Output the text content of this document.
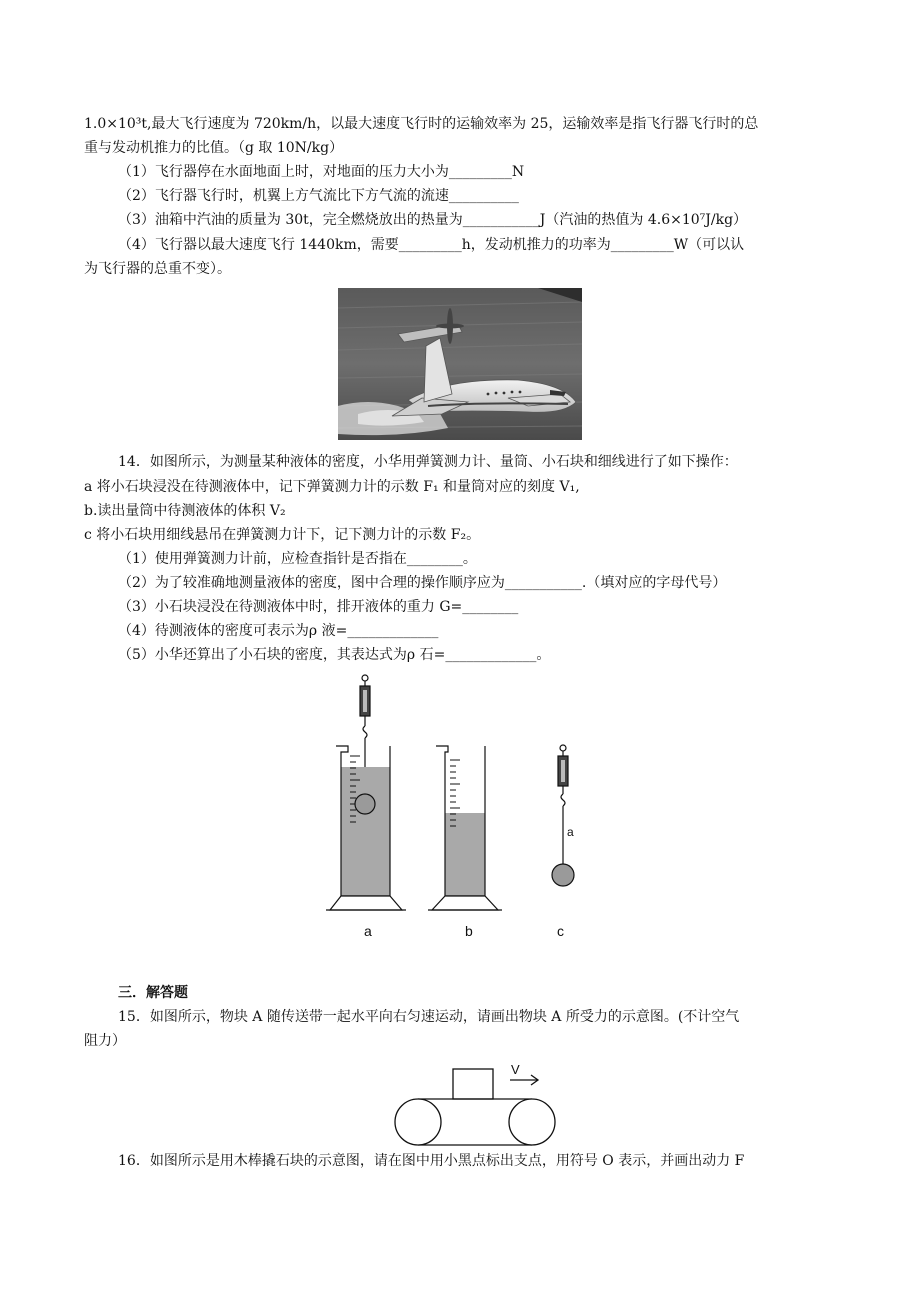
1.0×10³t,最大飞行速度为 720km/h，以最大速度飞行时的运输效率为 25，运输效率是指飞行器飞行时的总
重与发动机推力的比值。（g 取 10N/kg）
（1）飞行器停在水面地面上时，对地面的压力大小为_________N
（2）飞行器飞行时，机翼上方气流比下方气流的流速__________
（3）油箱中汽油的质量为 30t，完全燃烧放出的热量为___________J（汽油的热值为 4.6×10⁷J/kg）
（4）飞行器以最大速度飞行 1440km，需要_________h，发动机推力的功率为_________W（可以认
为飞行器的总重不变）。
14．如图所示，为测量某种液体的密度，小华用弹簧测力计、量筒、小石块和细线进行了如下操作：
a 将小石块浸没在待测液体中，记下弹簧测力计的示数 F₁ 和量筒对应的刻度 V₁,
b.读出量筒中待测液体的体积 V₂
c 将小石块用细线悬吊在弹簧测力计下，记下测力计的示数 F₂。
（1）使用弹簧测力计前，应检查指针是否指在________。
（2）为了较准确地测量液体的密度，图中合理的操作顺序应为___________.（填对应的字母代号）
（3）小石块浸没在待测液体中时，排开液体的重力 G=________
（4）待测液体的密度可表示为ρ 液=_____________
（5）小华还算出了小石块的密度，其表达式为ρ 石=_____________。
a
a	b	c
三．解答题
15．如图所示，物块 A 随传送带一起水平向右匀速运动，请画出物块 A 所受力的示意图。(不计空气
阻力）
V
16．如图所示是用木棒撬石块的示意图，请在图中用小黑点标出支点，用符号 O 表示，并画出动力 F
